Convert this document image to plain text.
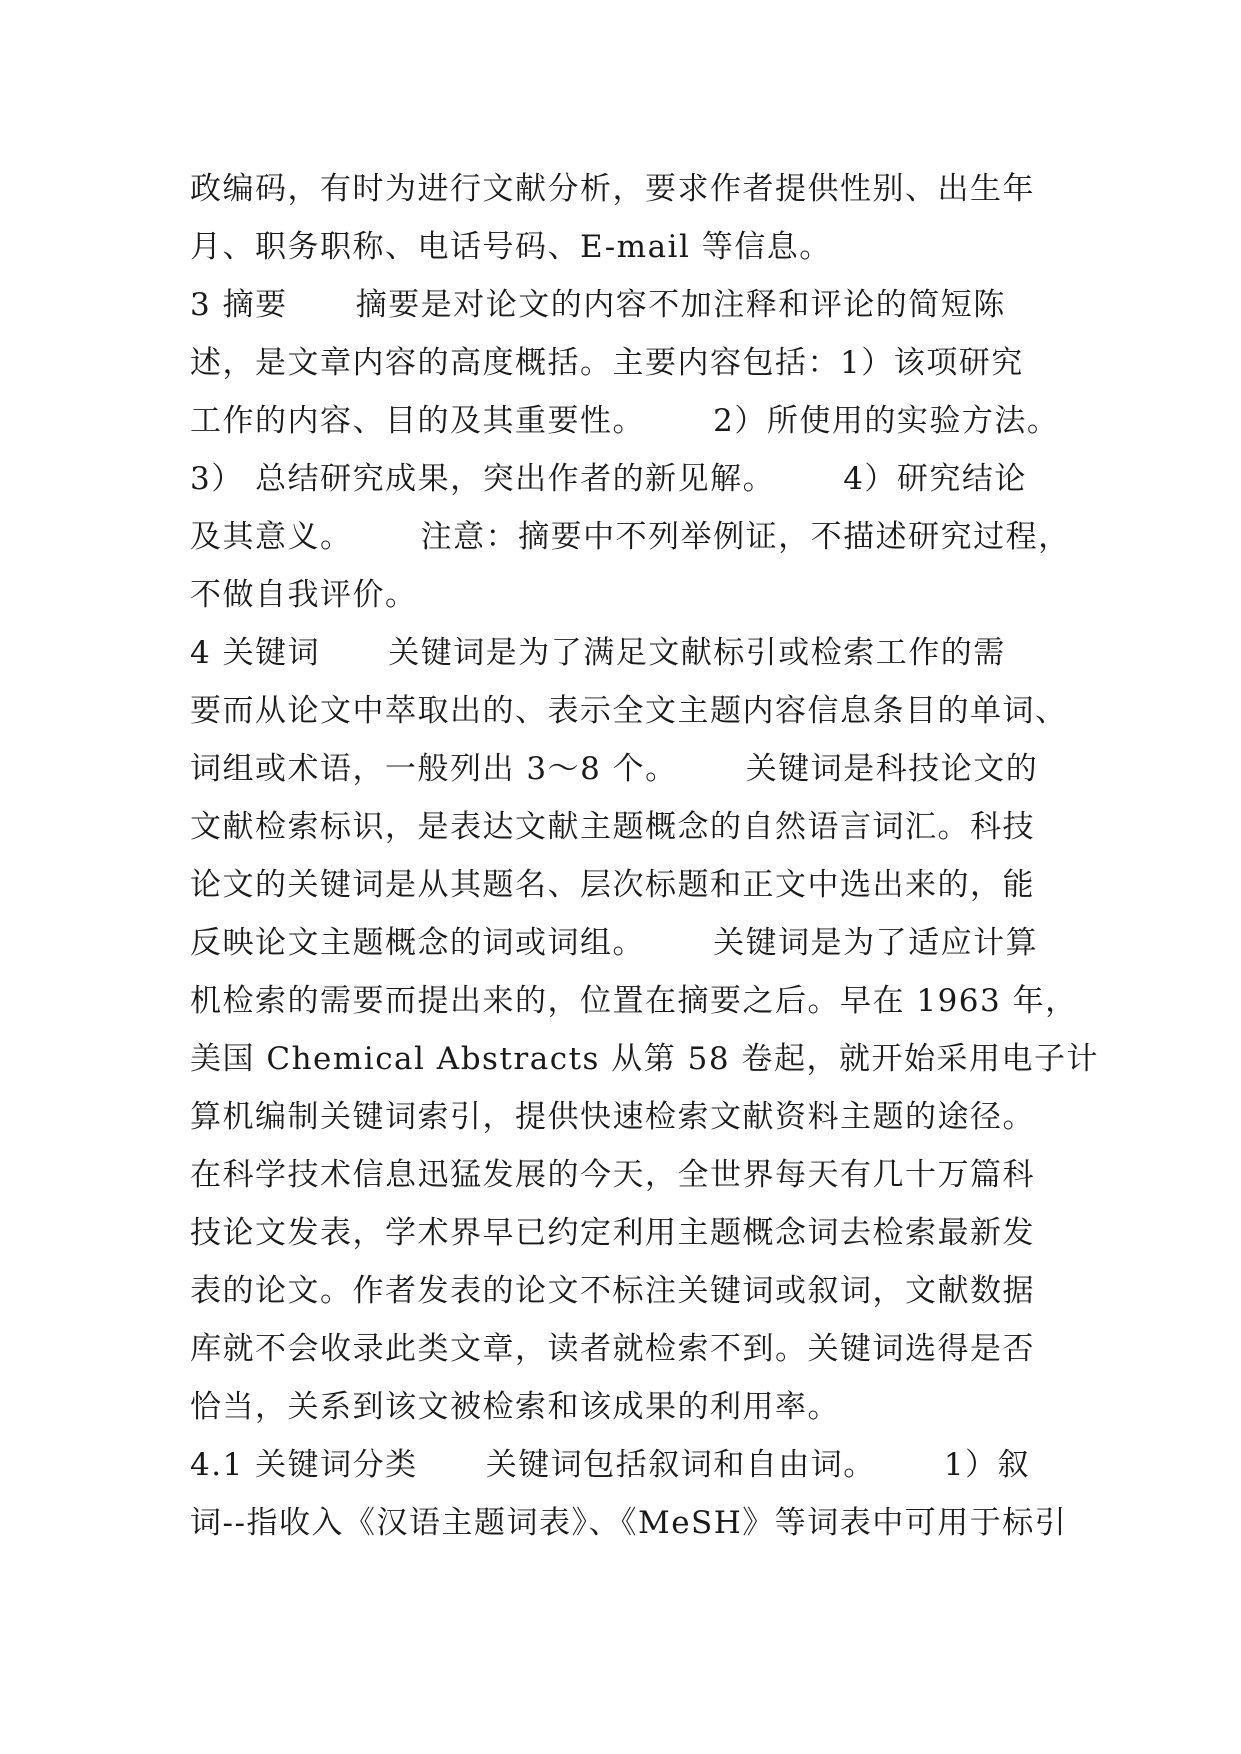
政编码，有时为进行文献分析，要求作者提供性别、出生年
月、职务职称、电话号码、E-mail 等信息。
3 摘要      摘要是对论文的内容不加注释和评论的简短陈
述，是文章内容的高度概括。主要内容包括：1）该项研究
工作的内容、目的及其重要性。      2）所使用的实验方法。
3） 总结研究成果，突出作者的新见解。      4）研究结论
及其意义。      注意：摘要中不列举例证，不描述研究过程，
不做自我评价。
4 关键词      关键词是为了满足文献标引或检索工作的需
要而从论文中萃取出的、表示全文主题内容信息条目的单词、
词组或术语，一般列出 3～8 个。      关键词是科技论文的
文献检索标识，是表达文献主题概念的自然语言词汇。科技
论文的关键词是从其题名、层次标题和正文中选出来的，能
反映论文主题概念的词或词组。      关键词是为了适应计算
机检索的需要而提出来的，位置在摘要之后。早在 1963 年，
美国 Chemical Abstracts 从第 58 卷起，就开始采用电子计
算机编制关键词索引，提供快速检索文献资料主题的途径。
在科学技术信息迅猛发展的今天，全世界每天有几十万篇科
技论文发表，学术界早已约定利用主题概念词去检索最新发
表的论文。作者发表的论文不标注关键词或叙词，文献数据
库就不会收录此类文章，读者就检索不到。关键词选得是否
恰当，关系到该文被检索和该成果的利用率。
4.1 关键词分类      关键词包括叙词和自由词。      1）叙
词--指收入《汉语主题词表》、《MeSH》等词表中可用于标引
